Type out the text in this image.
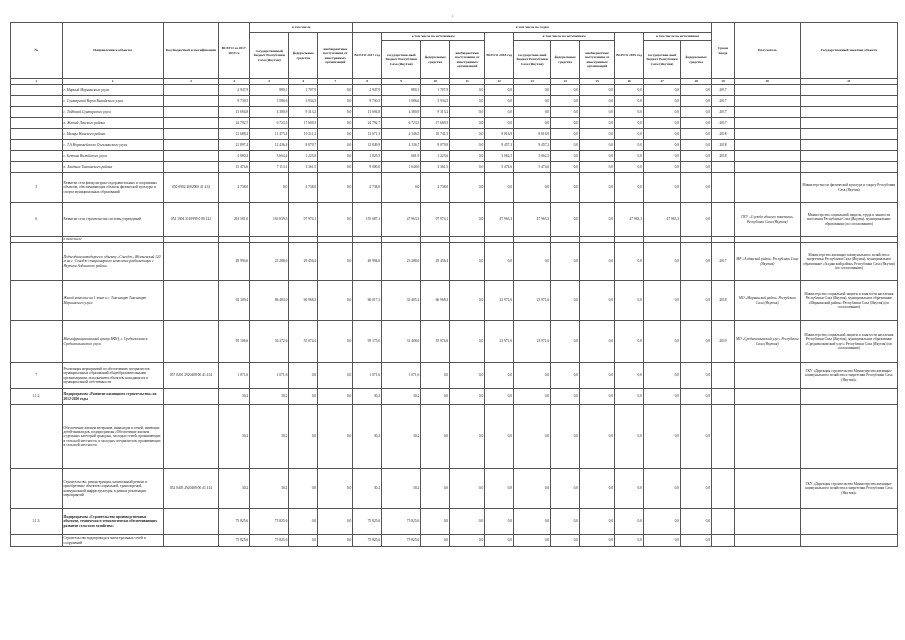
1
№	Направления и объекты	Код бюджетной классификации	ВСЕГО за 2017-2019 гг.	в том числе			в том числе по годам											Сроки ввода	Получатель	Государственный заказчик объекта
				государственный бюджет Республики Саха (Якутия)	федеральные средства	внебюджетные поступления от иностранных организаций	ВСЕГО 2017 год	в том числе по источникам			ВСЕГО 2018 год	в том числе по источникам			ВСЕГО 2019 год	в том числе по источникам				
								государствен-ный бюджет Республики Саха (Якутия)	федеральные средства	внебюджетные поступления от иностранных организаций		государствен-ный бюджет Республики Саха (Якутия)	федеральные средства	внебюджетные поступления от иностранных организаций		государствен-ный бюджет Республики Саха (Якутия)	федеральные средства			
1	2	3	4	5	6	7	8	9	10	11	12	13	14	15	16	17	18	19	20	21
	г. Мирный Мирнинского улуса		2 947,9	880,1	1 707,9	0,0	2 947,9	880,1	1 707,9	0,0	0,0	0,0	0,0	0,0	0,0	0,0	0,0	2017		
	с. Сунтарский Верхи Вилюйского улуса		9 730,5	1 086,6	3 934,5	0,0	9 730,5	1 086,6	3 934,5	0,0	0,0	0,0	0,0	0,0	0,0	0,0	0,0	2017		
	с. Тойбохой Сунтарского улуса		13 694,8	4 380,9	9 313,2	0,0	13 694,8	4 380,9	9 313,2	0,0	0,0	0,0	0,0	0,0	0,0	0,0	0,0	2017		
	п. Жатай Ленского района		24 792,7	6 723,5	17 669,5	0,0	24 792,7	6 723,5	17 669,5	0,0	0,0	0,0	0,0	0,0	0,0	0,0	0,0	2017		
	с. Намцы Намского района		21 688,2	11 475,4	10 211,2	0,0	13 671,3	4 146,5	10 741,3	0,0	8 016,9	8 016,9	0,0	0,0	0,0	0,0	0,0	2018		
	с. Т.А.Нормовейского Олекминского улуса		21 897,4	12 436,4	8 079,7	0,0	12 849,9	4 136,7	8 079,9	0,0	8 457,3	8 457,3	0,0	0,0	0,0	0,0	0,0	2018		
	с. Бетюнь Вилюйского улуса		4 880,2	3 664,4	1 225,8	0,0	1 825,5	601,9	1 223,6	0,0	3 062,5	3 062,5	0,0	0,0	0,0	0,0	0,0	2018		
	п. Хандыга Томпонского района		15 474,6	7 113,1	3 361,5	0,0	9 000,0	1 640,0	3 361,5	0,0	5 474,6	5 474,6	0,0	0,0	0,0	0,0	0,0			
5	Развитие сети физкультурно-оздоровительных и спортивных объектов, обеспечивающих объекты физической культуры и спорта муниципальных образований	050 0902 2002000 41 414	4 738,0	0,0	4 738,0	0,0	2 738,0	0,0	4 738,0	0,0	0,0	0,0	0,0	0,0	0,0	0,0	0,0			Министерство по физической культуре и спорту Республики Саха (Якутия)
6	Развитие сети строительства системы учреждений	052 1004 3110999 0 80 122	261 581,0	163 039,3	97 974,1	0,0	155 687,1	47 963,3	97 974,1	0,0	47 963,3	47 963,3	0,0	0,0	47 963,3	47 963,3	0,0		ГКУ «Служба единого заказчика» Республики Саха (Якутия)	Министерство социальной защиты, труда и занятости населения Республики Саха (Якутия), муниципальные образования (по согласованию)
	в том числе																			
	Подъездная автодорога к объекту «Сонодж» Яблоневский 120 м на с. Сонодж стационарного комплекса реабилитации г. Якутска Алданского района		49 994,6	23 288,6	29 456,4	0,0	49 994,6	23 288,6	29 456,4	0,0	0,0	0,0	0,0	0,0	0,0	0,0	0,0	2017	МР «Алданский район» Республики Саха (Якутия)	Министерство жилищно-коммунального хозяйства и энергетики Республики Саха (Якутия), муниципальное образование «Алданский район» Республики Саха (Якутия) (по согласованию)
	Жилой комплекс на 1 этап в с. Тиксимирт Тиксимирт Мирнинского улуса		92 309,4	86 483,0	66 968,3	0,0	66 017,3	32 405,2	66 968,3	0,0	23 971,6	23 971,6	0,0	0,0	0,0	0,0	0,0	2018	МО «Мирнинский район» Республики Саха (Якутия)	Министерство социальной защиты и занятости населения Республики Саха (Якутия), муниципальное образование «Мирнинский район» Республики Саха (Якутия) (по согласованию)
	Многофункциональный центр МФЦ, г. Среднеколымск Среднеколымского улуса		95 106,6	36 372,6	55 074,4	0,0	95 175,0	31 408,6	55 074,6	0,0	23 971,6	23 971,6	0,0	0,0	0,0	0,0	0,0	2019	МО «Среднеколымский улус» Республики Саха (Якутия)	Министерство социальной защиты и занятости населения Республики Саха (Якутия), муниципальное образование «Среднеколымский улус» Республики Саха (Якутия) (по согласованию)
7	Реализация мероприятий по обеспечению специалистов муниципальных образований общеобразовательными организациями, исполнением объектов, находящихся в муниципальной собственности	057 0401 2920408 00 41 414	1 071,6	1 071,6	0,0	0,0	1 071,6	1 071,6	0,0	0,0	0,0	0,0	0,0	0,0	0,0	0,0	0,0			ГКУ «Дирекция строительства Министерства жилищно-коммунального хозяйства и энергетики Республики Саха (Якутия)»
1.1.2.	Подпрограмма «Развитие жилищного строительства» на 2012-2020 годы		30,2	30,2	0,0	0,0	30,2	30,2	0,0	0,0	0,0	0,0	0,0	0,0	0,0	0,0	0,0			
	Обеспечение жильем ветеранов, инвалидов и семей, имеющих детей-инвалидов, подпрограммы «Обеспечение жильем отдельных категорий граждан», молодых семей, проживающих в сельской местности, и молодых специалистов, проживающих в сельской местности		30,2	30,2	0,0	0,0	30,2	30,2	0,0	0,0	0,0	0,0	0,0	0,0	0,0	0,0	0,0			
	Строительство, реконструкция, капитальный ремонт и приобретение объектов социальной, транспортной, коммунальной инфраструктуры, в рамках реализации мероприятий	052 0405 2920408 00 41 414	30,2	30,2	0,0	0,0	30,2	30,2	0,0	0,0	0,0	0,0	0,0	0,0	0,0	0,0	0,0			ГКУ «Дирекция строительства Министерства жилищно-коммунального хозяйства и энергетики Республики Саха (Якутия)»
1.1.3.	Подпрограмма «Строительство производственных объектов, технически и технологически обеспечивающих развитие сельского хозяйства»		75 825,6	75 825,6	0,0	0,0	75 825,6	75 825,6	0,0	0,0	0,0	0,0	0,0	0,0	0,0	0,0	0,0			
	Строительство водопровода и магистральных сетей и сооружений		75 825,6	75 825,6	0,0	0,0	75 825,6	75 825,6	0,0	0,0	0,0	0,0	0,0	0,0	0,0	0,0	0,0			
